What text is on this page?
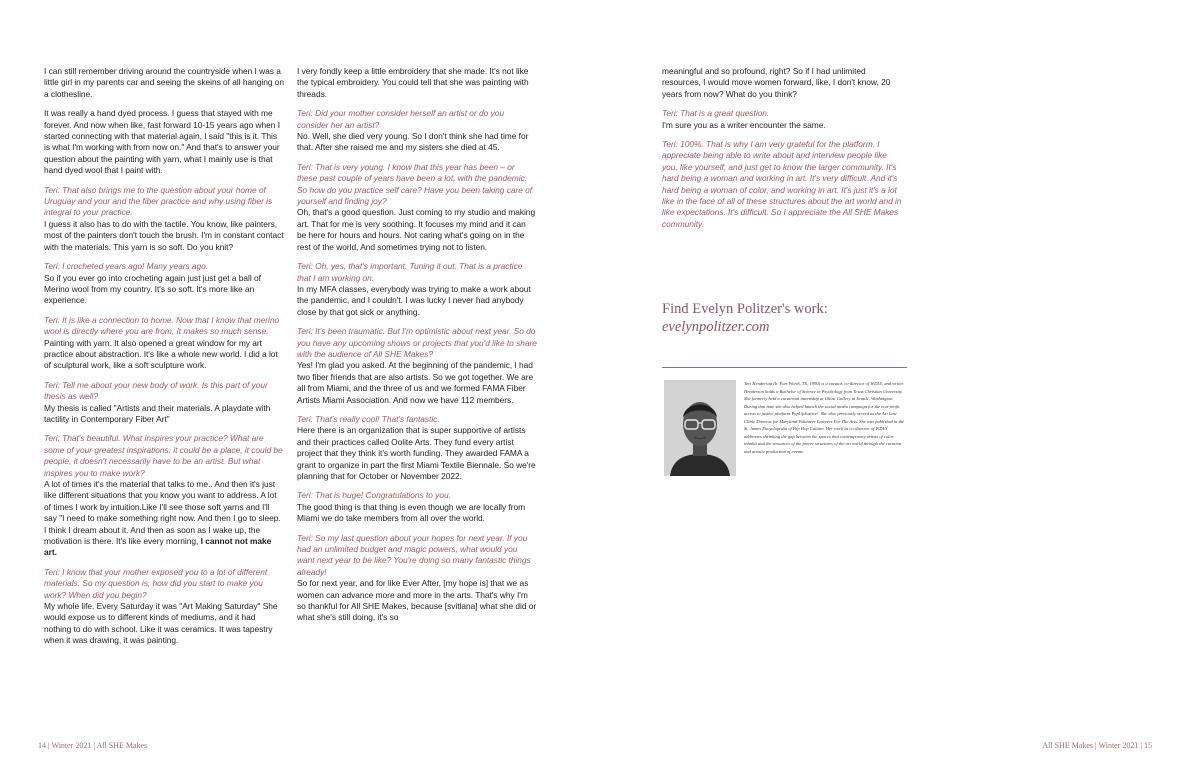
I can still remember driving around the countryside when I was a little girl in my parents car and seeing the skeins of all hanging on a clothesline.

It was really a hand dyed process. I guess that stayed with me forever. And now when like, fast forward 10-15 years ago when I started connecting with that material again, I said "this is it. This is what I'm working with from now on." And that's to answer your question about the painting with yarn, what I mainly use is that hand dyed wool that I paint with.

Teri: That also brings me to the question about your home of Uruguay and your and the fiber practice and why using fiber is integral to your practice.

I guess it also has to do with the tactile. You know, like painters, most of the painters don't touch the brush. I'm in constant contact with the materials. This yarn is so soft. Do you knit?

Teri: I crocheted years ago! Many years ago.

So if you ever go into crocheting again just just get a ball of Merino wool from my country. It's so soft. It's more like an experience.

Teri: It is like a connection to home. Now that I know that merino wool is directly where you are from. It makes so much sense.

Painting with yarn. It also opened a great window for my art practice about abstraction. It's like a whole new world. I did a lot of sculptural work, like a soft sculpture work.

Teri: Tell me about your new body of work. Is this part of your thesis as well?

My thesis is called "Artists and their materials. A playdate with tactility in Contemporary Fiber Art"

Teri: That's beautiful. What inspires your practice? What are some of your greatest inspirations, it could be a place, it could be people, it doesn't necessarily have to be an artist. But what inspires you to make work?

A lot of times it's the material that talks to me.. And then it's just like different situations that you know you want to address. A lot of times I work by intuition.Like I'll see those soft yarns and I'll say "I need to make something right now. And then I go to sleep. I think I dream about it. And then as soon as I wake up, the motivation is there. It's like every morning, I cannot not make art.

Teri: I know that your mother exposed you to a lot of different materials. So my question is, how did you start to make you work? When did you begin?

My whole life. Every Saturday it was "Art Making Saturday" She would expose us to different kinds of mediums, and it had nothing to do with school. Like it was ceramics. It was tapestry when it was drawing, it was painting.

I very fondly keep a little embroidery that she made. It's not like the typical embroidery. You could tell that she was painting with threads.

Teri: Did your mother consider herself an artist or do you consider her an artist?

No. Well, she died very young. So I don't think she had time for that. After she raised me and my sisters she died at 45.

Teri: That is very young. I know that this year has been – or these past couple of years have been a lot, with the pandemic. So how do you practice self care? Have you been taking care of yourself and finding joy?

Oh, that's a good question. Just coming to my studio and making art. That for me is very soothing. It focuses my mind and it can be here for hours and hours. Not caring what's going on in the rest of the world, And sometimes trying not to listen.

Teri: Oh, yes, that's important. Tuning it out. That is a practice that I am working on.

In my MFA classes, everybody was trying to make a work about the pandemic, and I couldn't. I was lucky I never had anybody close by that got sick or anything.

Teri: It's been traumatic. But I'm optimistic about next year. So do you have any upcoming shows or projects that you'd like to share with the audience of All SHE Makes?

Yes! I'm glad you asked. At the beginning of the pandemic, I had two fiber friends that are also artists. So we got together. We are all from Miami, and the three of us and we formed FAMA Fiber Artists Miami Association. And now we have 112 members.

Teri: That's really cool! That's fantastic.

Here there is an organization that is super supportive of artists and their practices called Oolite Arts. They fund every artist project that they think it's worth funding. They awarded FAMA a grant to organize in part the first Miami Textile Biennale. So we're planning that for October or November 2022.

Teri: That is huge! Congratulations to you.

The good thing is that thing is even though we are locally from Miami we do take members from all over the world.

Teri: So my last question about your hopes for next year. If you had an unlimited budget and magic powers, what would you want next year to be like? You're doing so many fantastic things already!

So for next year, and for like Ever After, [my hope is] that we as women can advance more and more in the arts. That's why I'm so thankful for All SHE Makes, because [svitlana] what she did or what she's still doing, it's so

14 | Winter 2021 | All SHE Makes

meaningful and so profound, right? So if I had unlimited resources, I would move women forward, like, I don't know, 20 years from now? What do you think?

Teri: That is a great question.

I'm sure you as a writer encounter the same.

Teri: 100%. That is why I am very grateful for the platform. I appreciate being able to write about and interview people like you, like yourself, and just get to know the larger community. It's hard being a woman and working in art. It's very difficult. And it's hard being a woman of color, and working in art. It's just it's a lot like in the face of all of these structures about the art world and in like expectations. It's difficult. So I appreciate the All SHE Makes community.

Find Evelyn Politzer's work:
evelynpolitzer.com
Teri Henderson (b. Fort Worth, TX, 1990) is a curator, co-director of WDLY, and writer. Henderson holds a Bachelor of Science in Psychology from Texas Christian University. She formerly held a curatorial internship at Ghost Gallery in Seattle, Washington. During that time she also helped launch the social media campaign for the non-profit access to justice platform PopUpJustice!. She also previously served as the Art Law Clinic Director for Maryland Volunteer Lawyers For The Arts. She was published in the St. James Encyclopedia of Hip Hop Culture. Her work as co-director of WDLY addresses shrinking the gap between the spaces that contemporary artists of color inhabit and the resources of the power structures of the art world through the curation and artistic production of events.
All SHE Makes | Winter 2021 | 15
